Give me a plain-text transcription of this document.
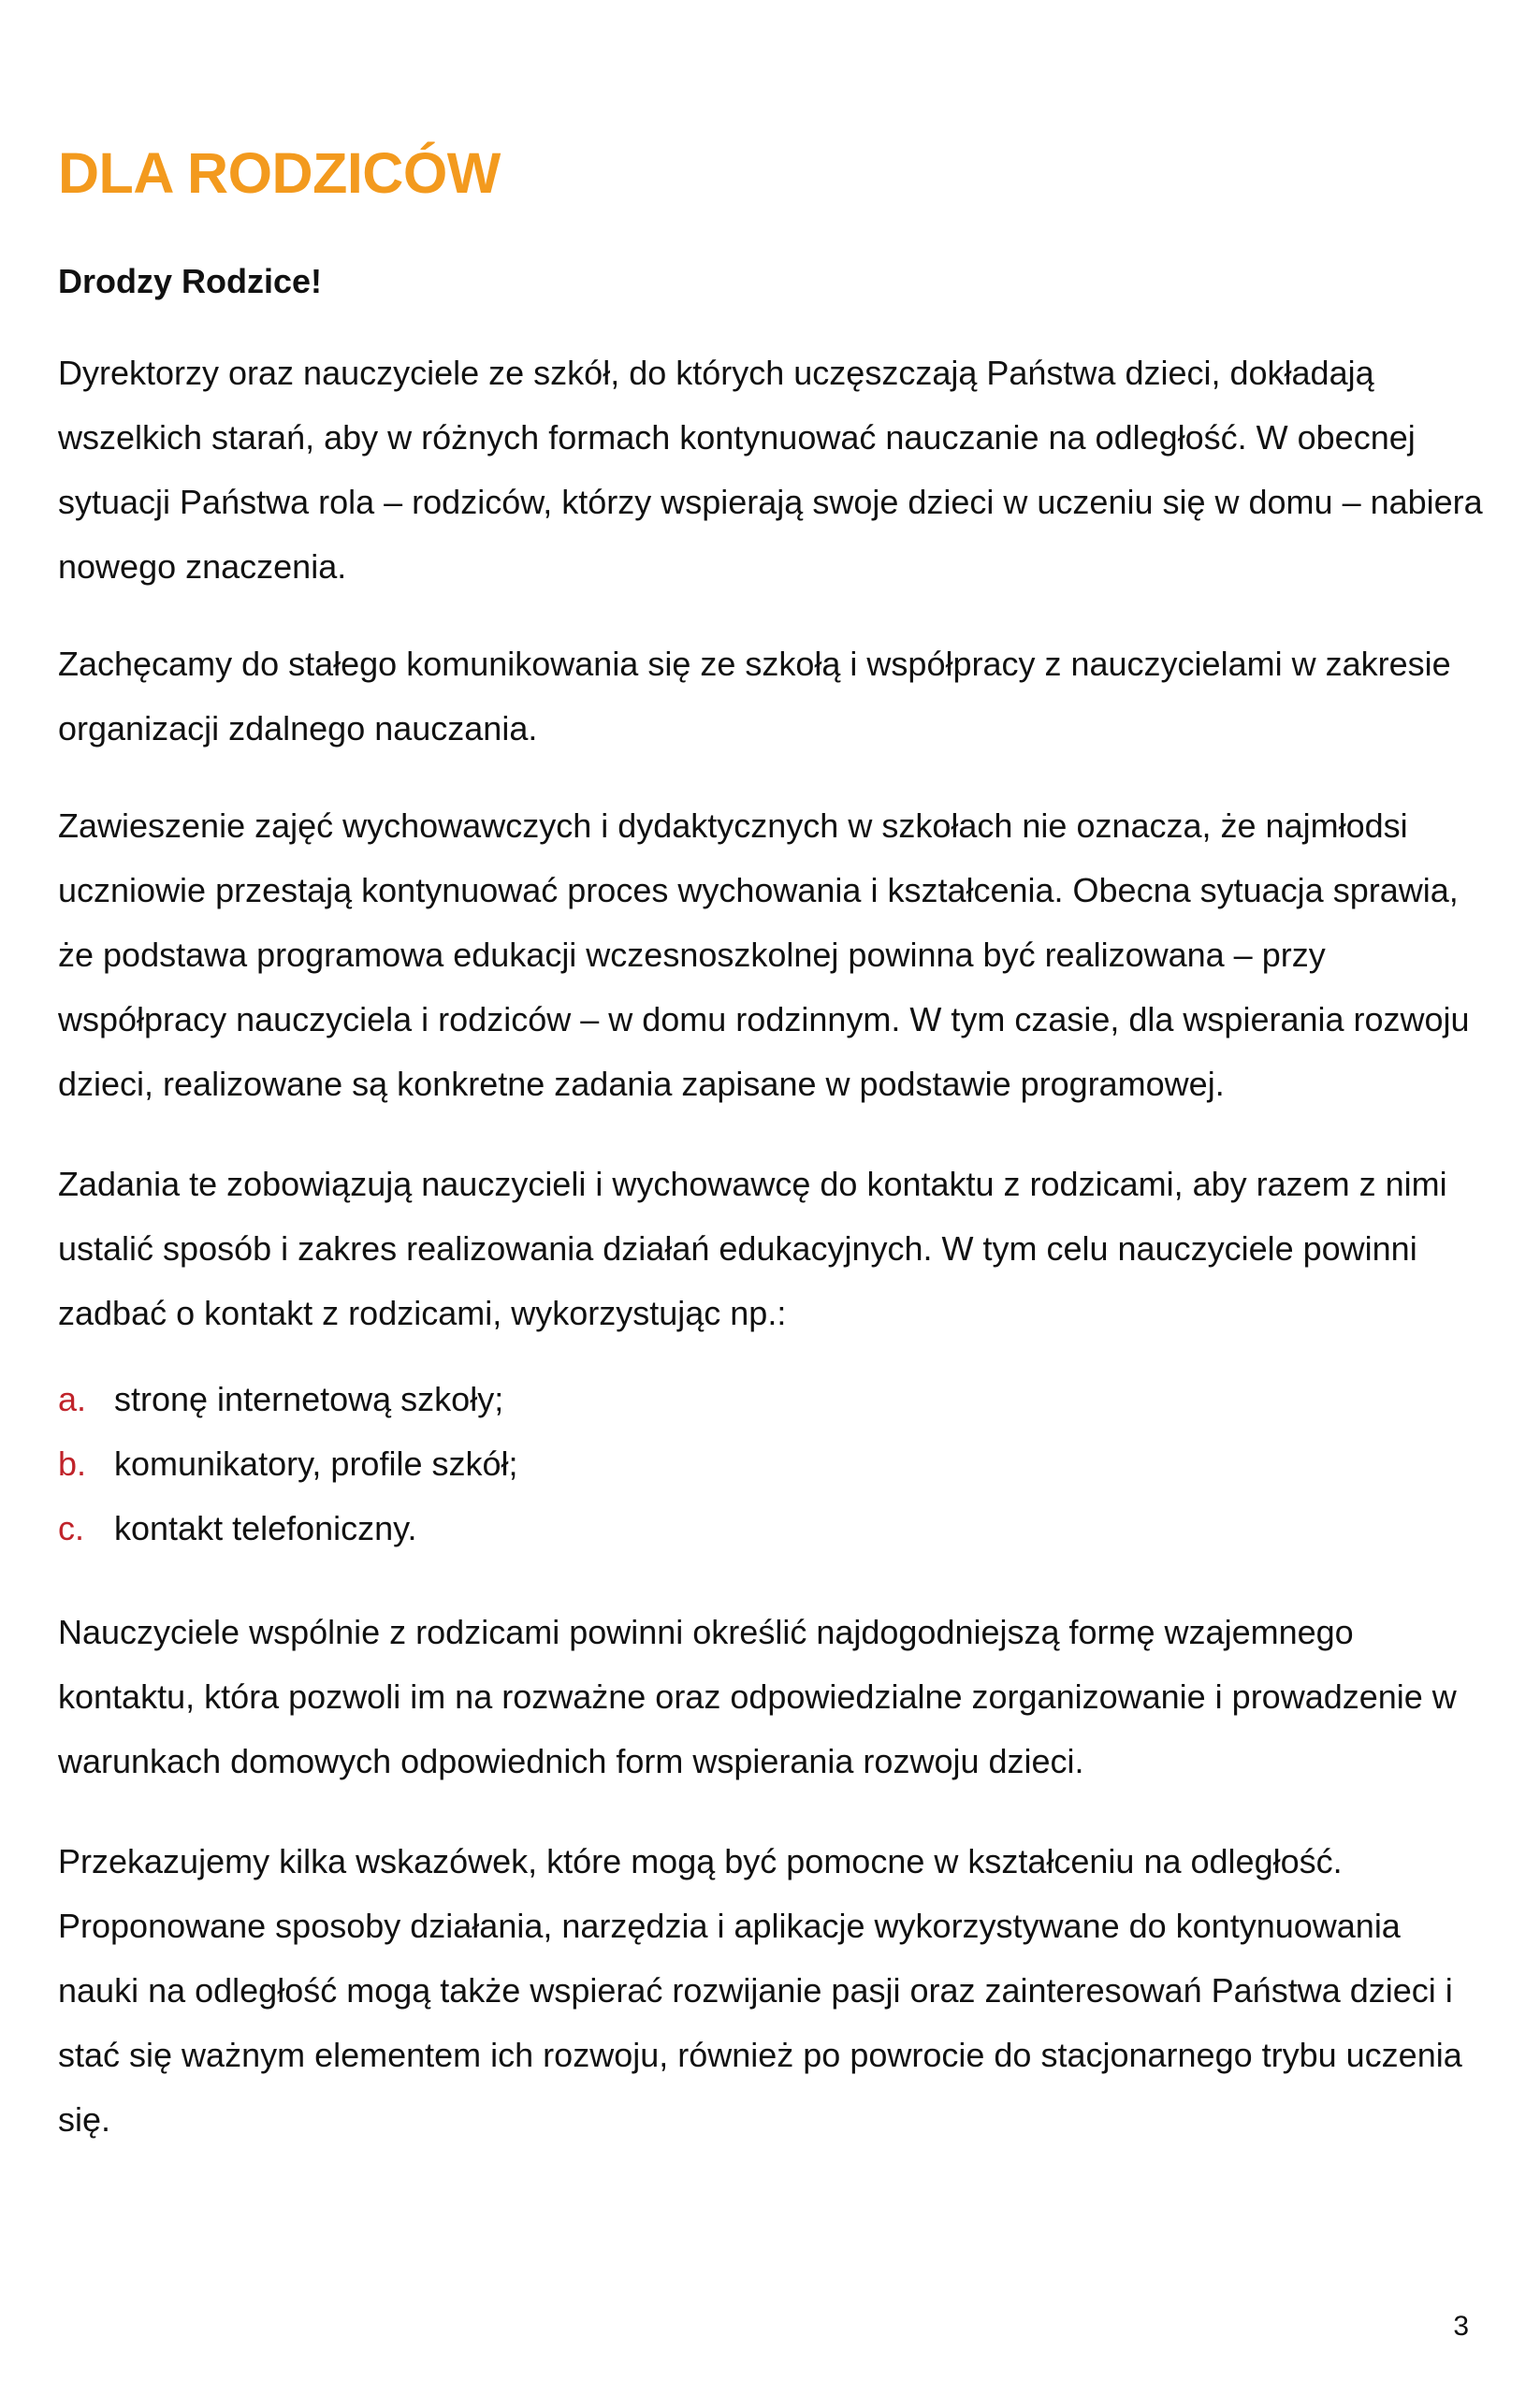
DLA RODZICÓW

Drodzy Rodzice!

Dyrektorzy oraz nauczyciele ze szkół, do których uczęszczają Państwa dzieci, dokładają wszelkich starań, aby w różnych formach kontynuować nauczanie na odległość. W obecnej sytuacji Państwa rola – rodziców, którzy wspierają swoje dzieci w uczeniu się w domu – nabiera nowego znaczenia.

Zachęcamy do stałego komunikowania się ze szkołą i współpracy z nauczycielami w zakresie organizacji zdalnego nauczania.

Zawieszenie zajęć wychowawczych i dydaktycznych w szkołach nie oznacza, że najmłodsi uczniowie przestają kontynuować proces wychowania i kształcenia. Obecna sytuacja sprawia, że podstawa programowa edukacji wczesnoszkolnej powinna być realizowana – przy współpracy nauczyciela i rodziców – w domu rodzinnym. W tym czasie, dla wspierania rozwoju dzieci, realizowane są konkretne zadania zapisane w podstawie programowej.

Zadania te zobowiązują nauczycieli i wychowawcę do kontaktu z rodzicami, aby razem z nimi ustalić sposób i zakres realizowania działań edukacyjnych. W tym celu nauczyciele powinni zadbać o kontakt z rodzicami, wykorzystując np.:

a. stronę internetową szkoły;
b. komunikatory, profile szkół;
c. kontakt telefoniczny.

Nauczyciele wspólnie z rodzicami powinni określić najdogodniejszą formę wzajemnego kontaktu, która pozwoli im na rozważne oraz odpowiedzialne zorganizowanie i prowadzenie w warunkach domowych odpowiednich form wspierania rozwoju dzieci.

Przekazujemy kilka wskazówek, które mogą być pomocne w kształceniu na odległość. Proponowane sposoby działania, narzędzia i aplikacje wykorzystywane do kontynuowania nauki na odległość mogą także wspierać rozwijanie pasji oraz zainteresowań Państwa dzieci i stać się ważnym elementem ich rozwoju, również po powrocie do stacjonarnego trybu uczenia się.

3
